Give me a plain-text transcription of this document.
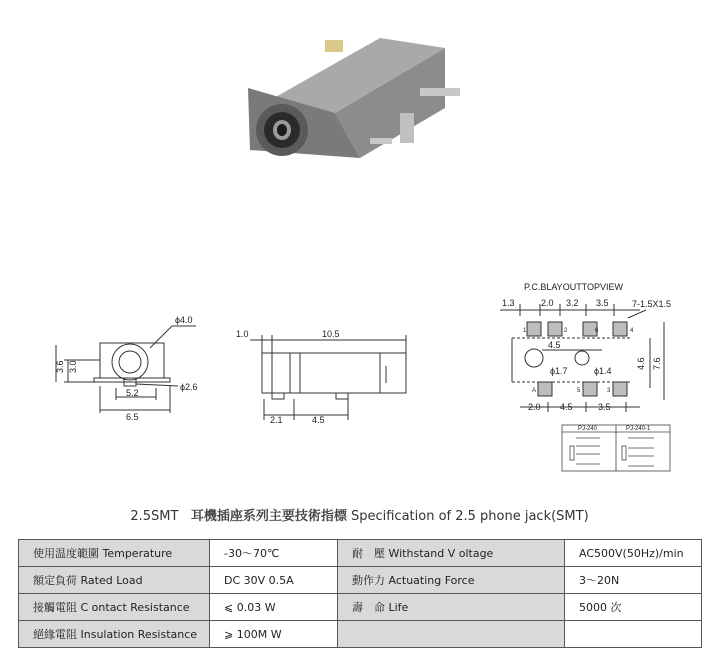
ϕ4.0
ϕ2.6
3.6 3.0
5.2
6.5
1.0	10.5
2.1	4.5
P.C.BLAYOUTTOPVIEW
1.3	2.0 3.2 3.5	7-1.5X1.5
4.5
4.6 7.6
ϕ1.7	ϕ1.4
2.0 4.5	3.5
1	2	6	4
A	5	3
PJ-240	PJ-240-1
2.5SMT 耳機插座系列主要技術指標 Specification of 2.5 phone jack(SMT)
使用温度範圍 Temperature	-30～70℃	耐　壓 Withstand V oltage	AC500V(50Hz)/min
額定負荷 Rated Load	DC 30V 0.5A	動作力 Actuating Force	3～20N
接觸電阻 C ontact Resistance	⩽ 0.03 W	壽　命 Life	5000 次
絕緣電阻 Insulation Resistance	⩾ 100M W		
